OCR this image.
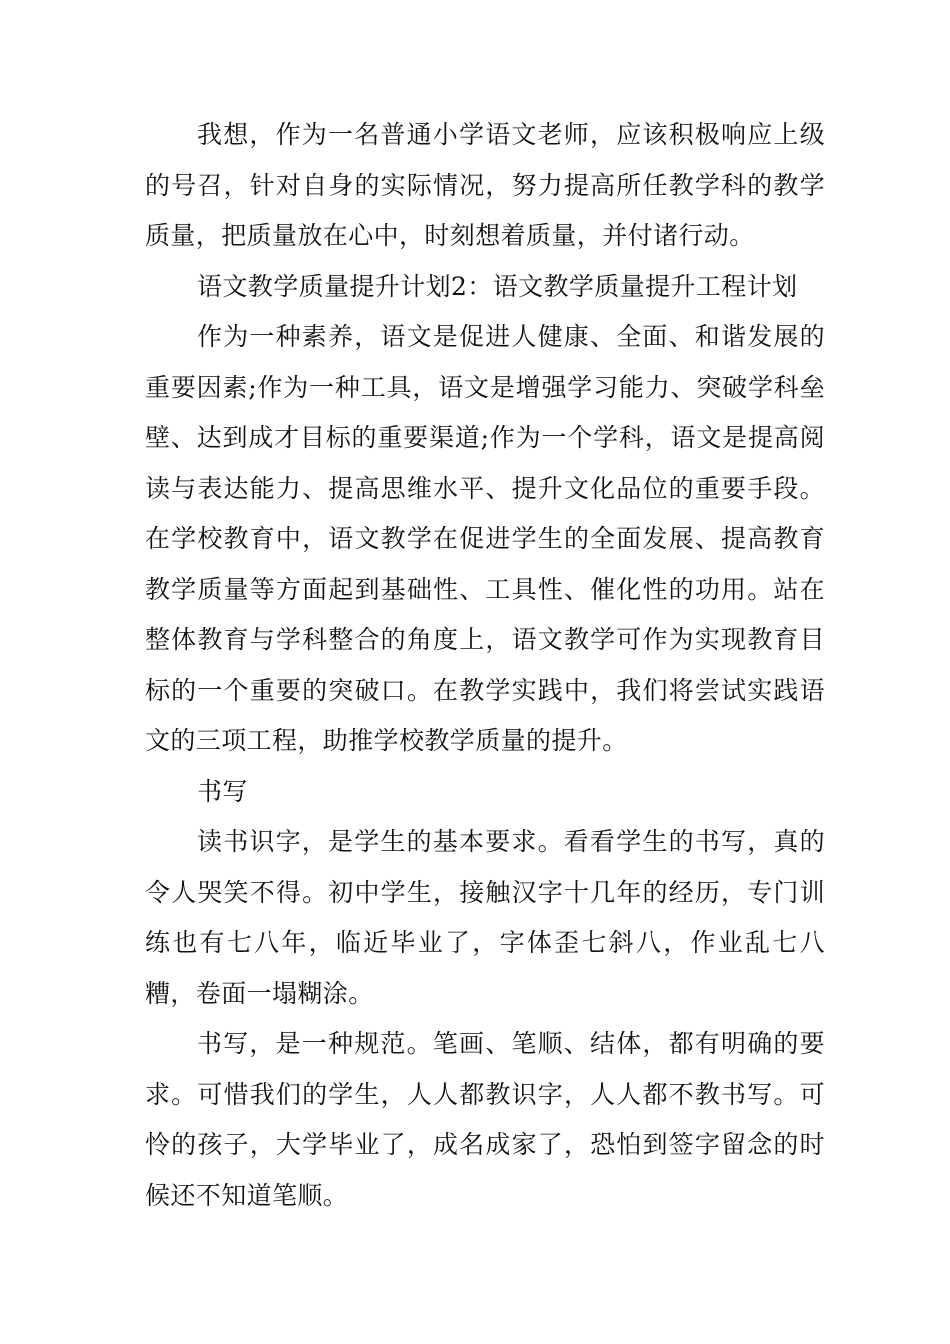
我想，作为一名普通小学语文老师，应该积极响应上级的号召，针对自身的实际情况，努力提高所任教学科的教学质量，把质量放在心中，时刻想着质量，并付诸行动。

语文教学质量提升计划2：语文教学质量提升工程计划

作为一种素养，语文是促进人健康、全面、和谐发展的重要因素;作为一种工具，语文是增强学习能力、突破学科垒壁、达到成才目标的重要渠道;作为一个学科，语文是提高阅读与表达能力、提高思维水平、提升文化品位的重要手段。在学校教育中，语文教学在促进学生的全面发展、提高教育教学质量等方面起到基础性、工具性、催化性的功用。站在整体教育与学科整合的角度上，语文教学可作为实现教育目标的一个重要的突破口。在教学实践中，我们将尝试实践语文的三项工程，助推学校教学质量的提升。

书写

读书识字，是学生的基本要求。看看学生的书写，真的令人哭笑不得。初中学生，接触汉字十几年的经历，专门训练也有七八年，临近毕业了，字体歪七斜八，作业乱七八糟，卷面一塌糊涂。

书写，是一种规范。笔画、笔顺、结体，都有明确的要求。可惜我们的学生，人人都教识字，人人都不教书写。可怜的孩子，大学毕业了，成名成家了，恐怕到签字留念的时候还不知道笔顺。
